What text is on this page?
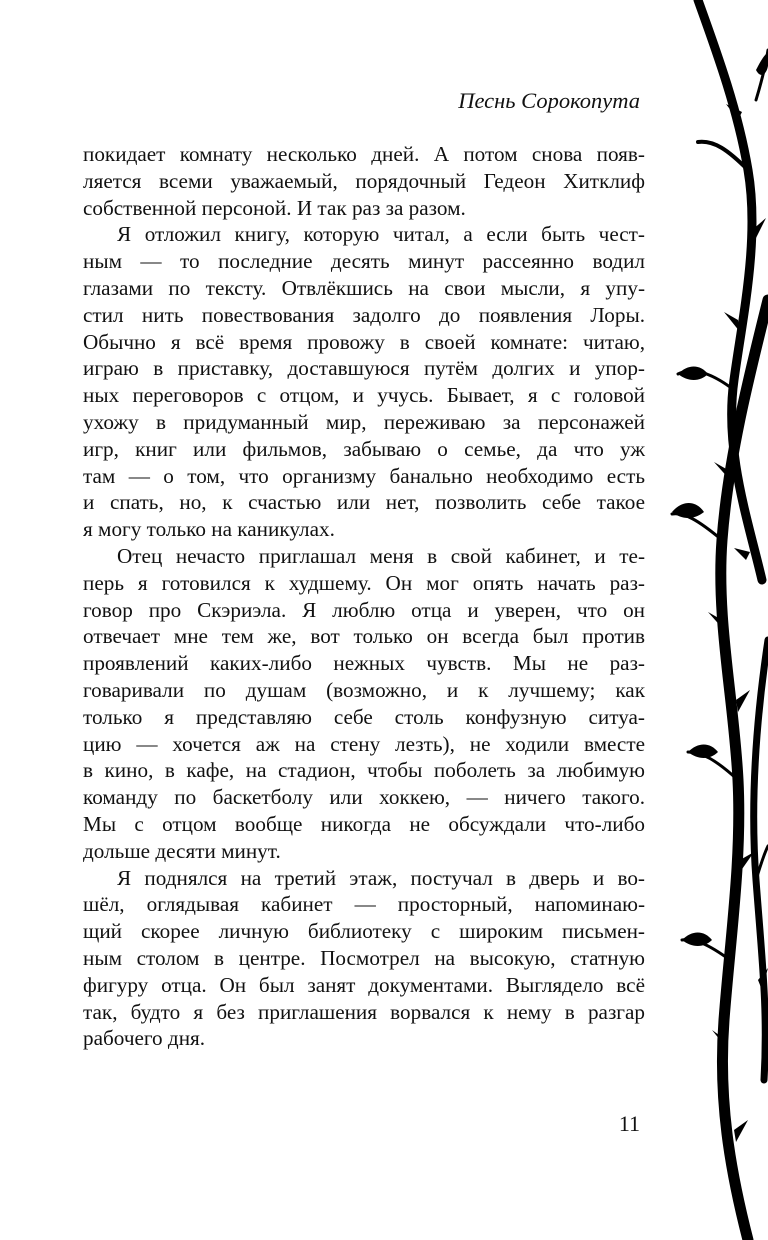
Песнь Сорокопута
покидает комнату несколько дней. А потом снова появ-
ляется всеми уважаемый, порядочный Гедеон Хитклиф
собственной персоной. И так раз за разом.
Я отложил книгу, которую читал, а если быть чест-
ным — то последние десять минут рассеянно водил
глазами по тексту. Отвлёкшись на свои мысли, я упу-
стил нить повествования задолго до появления Лоры.
Обычно я всё время провожу в своей комнате: читаю,
играю в приставку, доставшуюся путём долгих и упор-
ных переговоров с отцом, и учусь. Бывает, я с головой
ухожу в придуманный мир, переживаю за персонажей
игр, книг или фильмов, забываю о семье, да что уж
там — о том, что организму банально необходимо есть
и спать, но, к счастью или нет, позволить себе такое
я могу только на каникулах.
Отец нечасто приглашал меня в свой кабинет, и те-
перь я готовился к худшему. Он мог опять начать раз-
говор про Скэриэла. Я люблю отца и уверен, что он
отвечает мне тем же, вот только он всегда был против
проявлений каких-либо нежных чувств. Мы не раз-
говаривали по душам (возможно, и к лучшему; как
только я представляю себе столь конфузную ситуа-
цию — хочется аж на стену лезть), не ходили вместе
в кино, в кафе, на стадион, чтобы поболеть за любимую
команду по баскетболу или хоккею, — ничего такого.
Мы с отцом вообще никогда не обсуждали что-либо
дольше десяти минут.
Я поднялся на третий этаж, постучал в дверь и во-
шёл, оглядывая кабинет — просторный, напоминаю-
щий скорее личную библиотеку с широким письмен-
ным столом в центре. Посмотрел на высокую, статную
фигуру отца. Он был занят документами. Выглядело всё
так, будто я без приглашения ворвался к нему в разгар
рабочего дня.
11
